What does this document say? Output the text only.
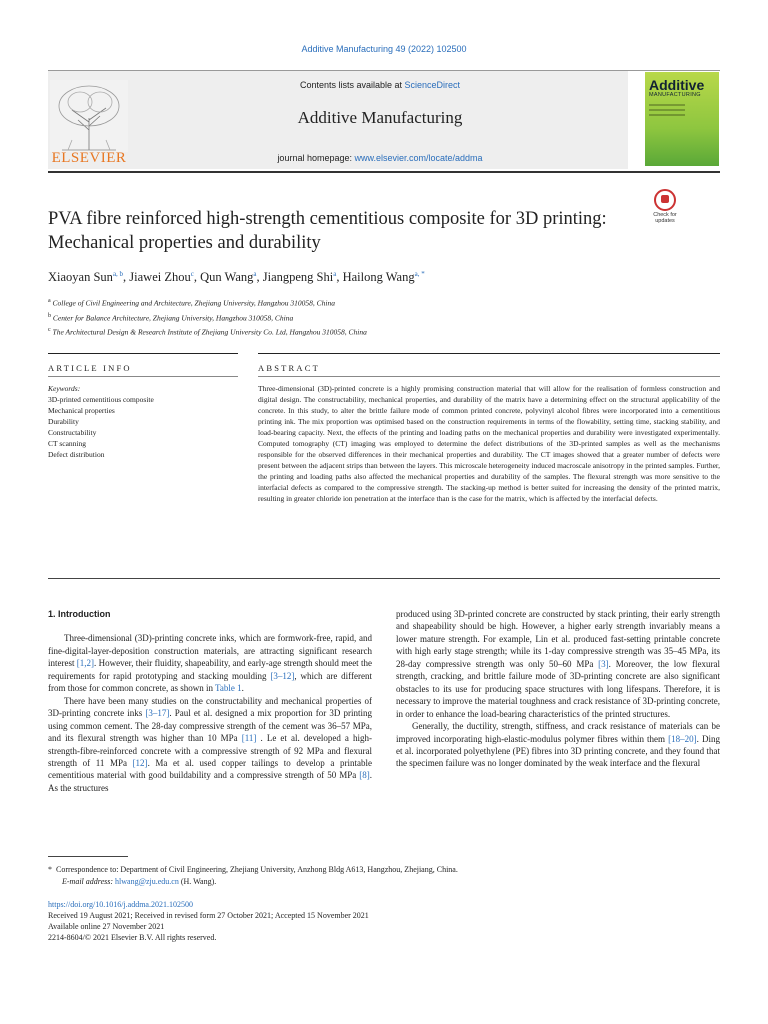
Additive Manufacturing 49 (2022) 102500
ELSEVIER
Contents lists available at ScienceDirect
Additive Manufacturing
journal homepage: www.elsevier.com/locate/addma
Additive
MANUFACTURING
Check for updates
PVA fibre reinforced high-strength cementitious composite for 3D printing: Mechanical properties and durability
Xiaoyan Sun$^{a, b}$, Jiawei Zhou$^c$, Qun Wang$^a$, Jiangpeng Shi$^a$, Hailong Wang$^{a, *}$
$^a$ College of Civil Engineering and Architecture, Zhejiang University, Hangzhou 310058, China
$^b$ Center for Balance Architecture, Zhejiang University, Hangzhou 310058, China
$^c$ The Architectural Design & Research Institute of Zhejiang University Co. Ltd, Hangzhou 310058, China
ARTICLE INFO	ABSTRACT
Keywords:
3D-printed cementitious composite
Mechanical properties
Durability
Constructability
CT scanning
Defect distribution
Three-dimensional (3D)-printed concrete is a highly promising construction material that will allow for the realisation of formless construction and digital design. The constructability, mechanical properties, and durability of the matrix have a determining effect on the structural applicability of the concrete. In this study, to alter the brittle failure mode of common printed concrete, polyvinyl alcohol fibres were incorporated into a cementitious printing ink. The mix proportion was optimised based on the construction requirements in terms of the flowability, setting time, stacking stability, and load-bearing capacity. Next, the effects of the printing and loading paths on the mechanical properties and durability were investigated experimentally. Computed tomography (CT) imaging was employed to determine the defect distributions of the 3D-printed samples as well as the mechanisms responsible for the observed differences in their mechanical properties and durability. The CT images showed that a greater number of defects were present between the adjacent strips than between the layers. This microscale heterogeneity induced macroscale anisotropy in the printed samples. Further, the printing and loading paths also affected the mechanical properties and durability of the samples. The flexural strength was more sensitive to the interfacial defects as compared to the compressive strength. The stacking-up method is better suited for increasing the density of the printed matrix, resulting in greater chloride ion penetration at the interface than is the case for the matrix, which is affected by the interfacial defects.
1. Introduction

Three-dimensional (3D)-printing concrete inks, which are formwork-free, rapid, and fine-digital-layer-deposition construction materials, are attracting significant research interest [1,2]. However, their fluidity, shapeability, and early-age strength should meet the requirements for rapid prototyping and stacking moulding [3–12], which are different from those for common concrete, as shown in Table 1.

There have been many studies on the constructability and mechanical properties of 3D-printing concrete inks [3–17]. Paul et al. designed a mix proportion for 3D printing using common cement. The 28-day compressive strength of the cement was 36–57 MPa, and its flexural strength was higher than 10 MPa [11] . Le et al. developed a high-strength-fibre-reinforced concrete with a compressive strength of 92 MPa and flexural strength of 11 MPa [12]. Ma et al. used copper tailings to develop a printable cementitious material with good buildability and a compressive strength of 50 MPa [8]. As the structures

produced using 3D-printed concrete are constructed by stack printing, their early strength and shapeability should be high. However, a higher early strength invariably means a lower mature strength. For example, Lin et al. produced fast-setting printable concrete with high early stage strength; while its 1-day compressive strength was 35–45 MPa, its 28-day compressive strength was only 50–60 MPa [3]. Moreover, the low flexural strength, cracking, and brittle failure mode of 3D-printing concrete are also significant obstacles to its use for producing space structures with long lifespans. Therefore, it is necessary to improve the material toughness and crack resistance of 3D-printing concrete, in order to enhance the load-bearing characteristics of the printed structures.

Generally, the ductility, strength, stiffness, and crack resistance of materials can be improved incorporating high-elastic-modulus polymer fibres within them [18–20]. Ding et al. incorporated polyethylene (PE) fibres into 3D printing concrete, and they found that the specimen failure was no longer dominated by the weak interface and the flexural

* Correspondence to: Department of Civil Engineering, Zhejiang University, Anzhong Bldg A613, Hangzhou, Zhejiang, China.
E-mail address: hlwang@zju.edu.cn (H. Wang).
https://doi.org/10.1016/j.addma.2021.102500
Received 19 August 2021; Received in revised form 27 October 2021; Accepted 15 November 2021
Available online 27 November 2021
2214-8604/© 2021 Elsevier B.V. All rights reserved.
